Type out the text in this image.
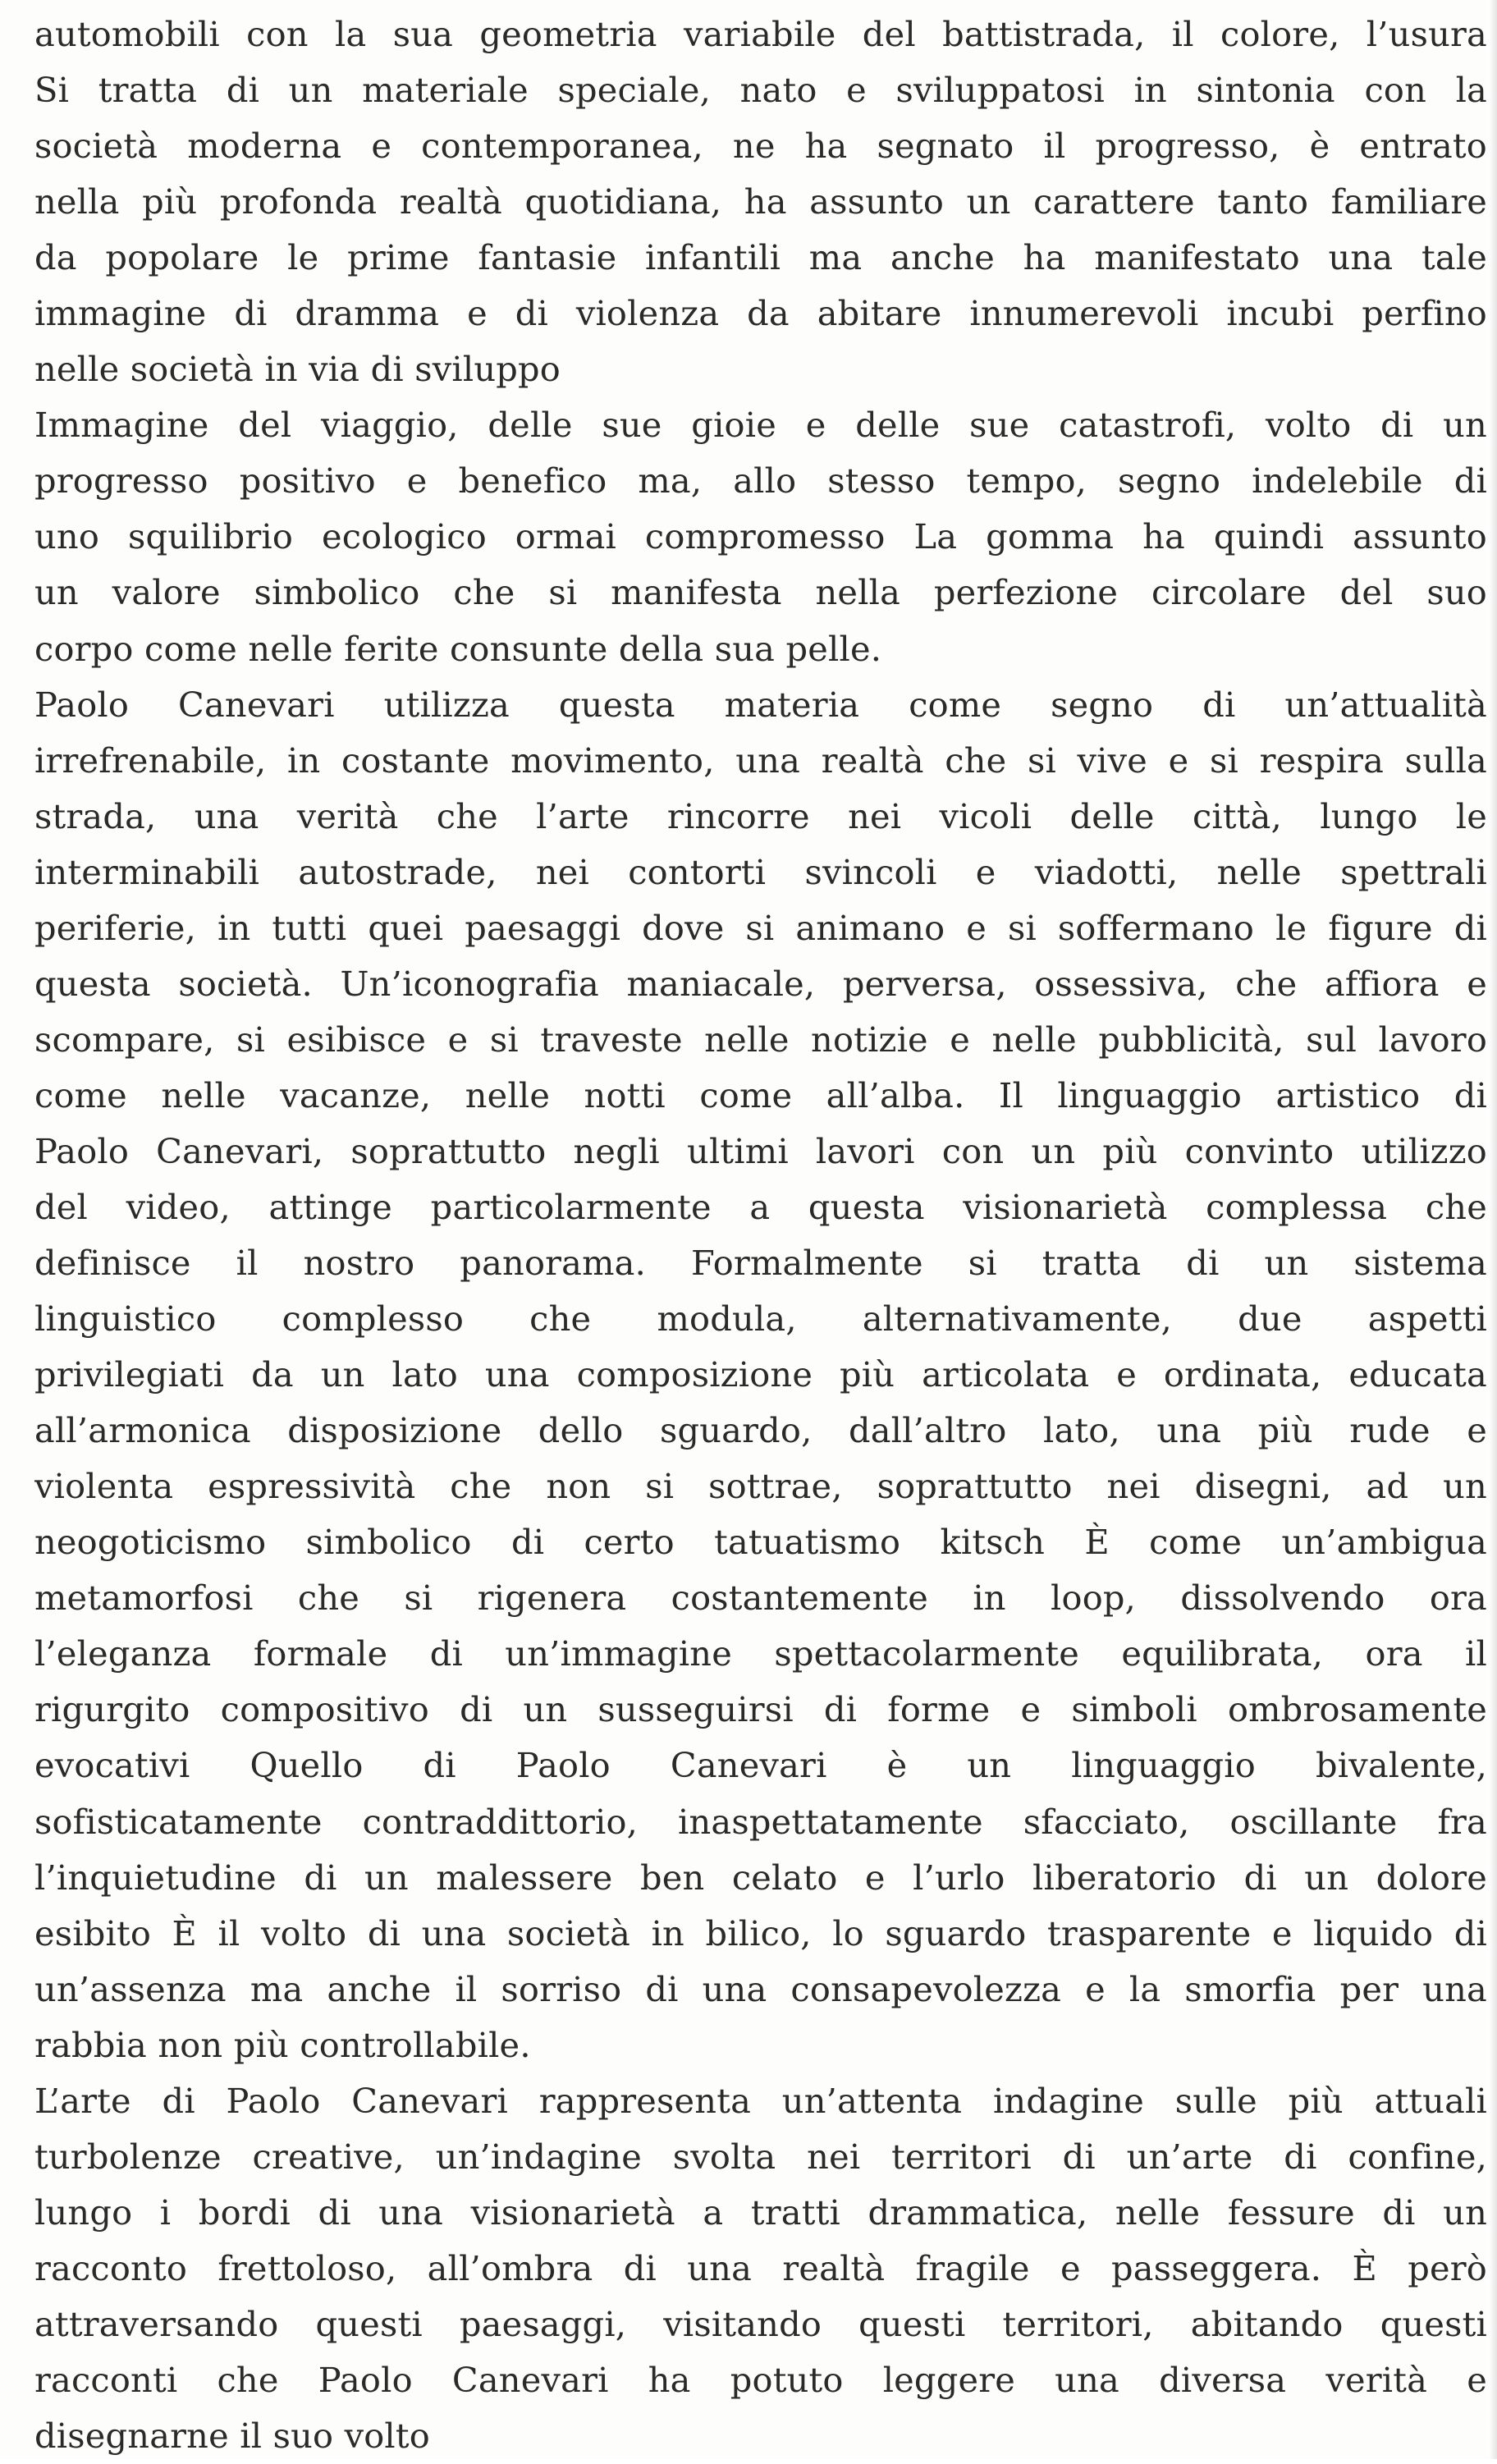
automobili con la sua geometria variabile del battistrada, il colore, l’usura
Si tratta di un materiale speciale, nato e sviluppatosi in sintonia con la
società moderna e contemporanea, ne ha segnato il progresso, è entrato
nella più profonda realtà quotidiana, ha assunto un carattere tanto familiare
da popolare le prime fantasie infantili ma anche ha manifestato una tale
immagine di dramma e di violenza da abitare innumerevoli incubi perfino
nelle società in via di sviluppo
Immagine del viaggio, delle sue gioie e delle sue catastrofi, volto di un
progresso positivo e benefico ma, allo stesso tempo, segno indelebile di
uno squilibrio ecologico ormai compromesso La gomma ha quindi assunto
un valore simbolico che si manifesta nella perfezione circolare del suo
corpo come nelle ferite consunte della sua pelle.
Paolo Canevari utilizza questa materia come segno di un’attualità
irrefrenabile, in costante movimento, una realtà che si vive e si respira sulla
strada, una verità che l’arte rincorre nei vicoli delle città, lungo le
interminabili autostrade, nei contorti svincoli e viadotti, nelle spettrali
periferie, in tutti quei paesaggi dove si animano e si soffermano le figure di
questa società. Un’iconografia maniacale, perversa, ossessiva, che affiora e
scompare, si esibisce e si traveste nelle notizie e nelle pubblicità, sul lavoro
come nelle vacanze, nelle notti come all’alba. Il linguaggio artistico di
Paolo Canevari, soprattutto negli ultimi lavori con un più convinto utilizzo
del video, attinge particolarmente a questa visionarietà complessa che
definisce il nostro panorama. Formalmente si tratta di un sistema
linguistico complesso che modula, alternativamente, due aspetti
privilegiati da un lato una composizione più articolata e ordinata, educata
all’armonica disposizione dello sguardo, dall’altro lato, una più rude e
violenta espressività che non si sottrae, soprattutto nei disegni, ad un
neogoticismo simbolico di certo tatuatismo kitsch È come un’ambigua
metamorfosi che si rigenera costantemente in loop, dissolvendo ora
l’eleganza formale di un’immagine spettacolarmente equilibrata, ora il
rigurgito compositivo di un susseguirsi di forme e simboli ombrosamente
evocativi Quello di Paolo Canevari è un linguaggio bivalente,
sofisticatamente contraddittorio, inaspettatamente sfacciato, oscillante fra
l’inquietudine di un malessere ben celato e l’urlo liberatorio di un dolore
esibito È il volto di una società in bilico, lo sguardo trasparente e liquido di
un’assenza ma anche il sorriso di una consapevolezza e la smorfia per una
rabbia non più controllabile.
L’arte di Paolo Canevari rappresenta un’attenta indagine sulle più attuali
turbolenze creative, un’indagine svolta nei territori di un’arte di confine,
lungo i bordi di una visionarietà a tratti drammatica, nelle fessure di un
racconto frettoloso, all’ombra di una realtà fragile e passeggera. È però
attraversando questi paesaggi, visitando questi territori, abitando questi
racconti che Paolo Canevari ha potuto leggere una diversa verità e
disegnarne il suo volto
